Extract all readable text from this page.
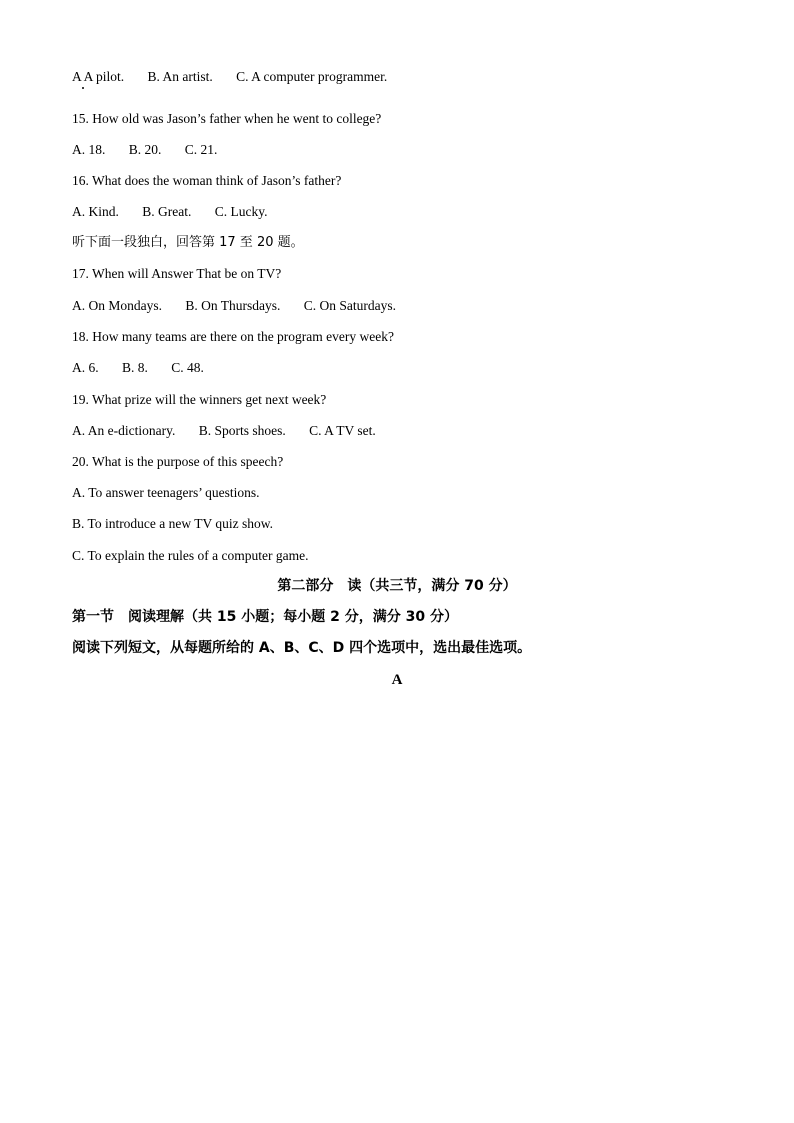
A A pilot. B. An artist. C. A computer programmer.
15. How old was Jason’s father when he went to college?
A. 18. B. 20. C. 21.
16. What does the woman think of Jason’s father?
A. Kind. B. Great. C. Lucky.
听下面一段独白，回答第 17 至 20 题。
17. When will Answer That be on TV?
A. On Mondays. B. On Thursdays. C. On Saturdays.
18. How many teams are there on the program every week?
A. 6. B. 8. C. 48.
19. What prize will the winners get next week?
A. An e-dictionary. B. Sports shoes. C. A TV set.
20. What is the purpose of this speech?
A. To answer teenagers’ questions.
B. To introduce a new TV quiz show.
C. To explain the rules of a computer game.
第二部分　读（共三节，满分 70 分）
第一节　阅读理解（共 15 小题；每小题 2 分，满分 30 分）
阅读下列短文，从每题所给的 A、B、C、D 四个选项中，选出最佳选项。
A
